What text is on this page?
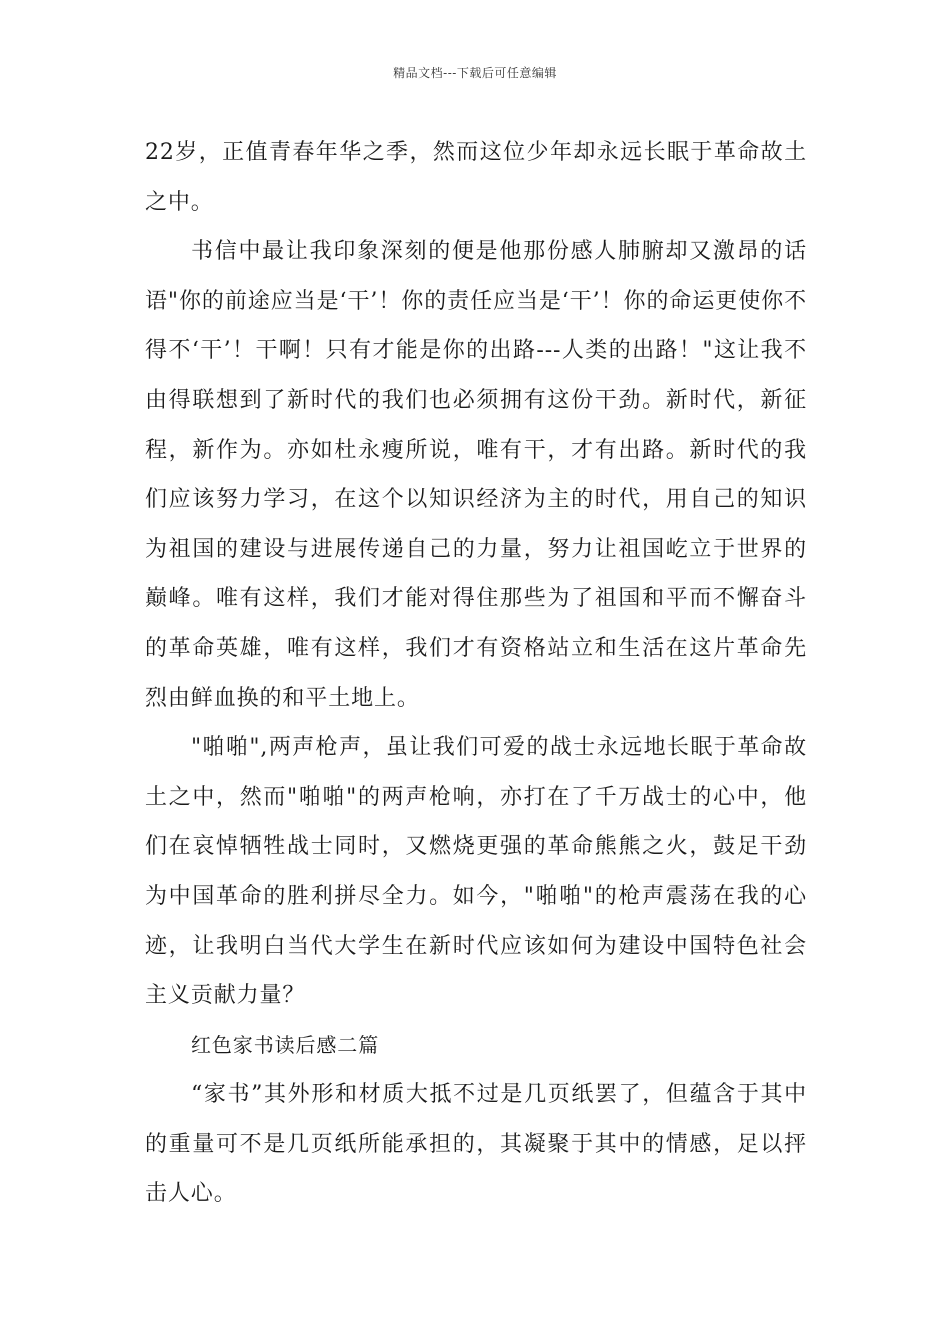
精品文档---下载后可任意编辑

22岁，正值青春年华之季，然而这位少年却永远长眠于革命故土之中。

书信中最让我印象深刻的便是他那份感人肺腑却又激昂的话语"你的前途应当是‘干’！你的责任应当是‘干’！你的命运更使你不得不‘干’！干啊！只有才能是你的出路---人类的出路！"这让我不由得联想到了新时代的我们也必须拥有这份干劲。新时代，新征程，新作为。亦如杜永瘦所说，唯有干，才有出路。新时代的我们应该努力学习，在这个以知识经济为主的时代，用自己的知识为祖国的建设与进展传递自己的力量，努力让祖国屹立于世界的巅峰。唯有这样，我们才能对得住那些为了祖国和平而不懈奋斗的革命英雄，唯有这样，我们才有资格站立和生活在这片革命先烈由鲜血换的和平土地上。

"啪啪",两声枪声，虽让我们可爱的战士永远地长眠于革命故土之中，然而"啪啪"的两声枪响，亦打在了千万战士的心中，他们在哀悼牺牲战士同时，又燃烧更强的革命熊熊之火，鼓足干劲为中国革命的胜利拼尽全力。如今，"啪啪"的枪声震荡在我的心迹，让我明白当代大学生在新时代应该如何为建设中国特色社会主义贡献力量？

红色家书读后感二篇

“家书”其外形和材质大抵不过是几页纸罢了，但蕴含于其中的重量可不是几页纸所能承担的，其凝聚于其中的情感，足以抨击人心。
